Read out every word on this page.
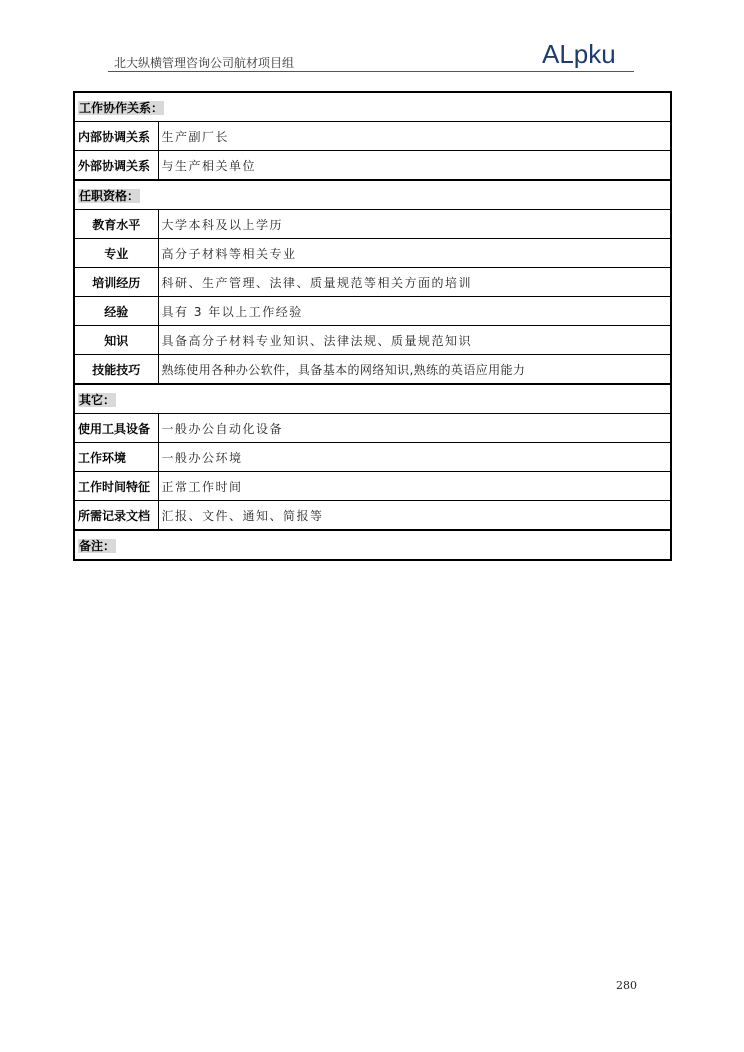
北大纵横管理咨询公司航材项目组	ALpku
工作协作关系：	
内部协调关系	生产副厂长
外部协调关系	与生产相关单位
任职资格：	
教育水平	大学本科及以上学历
专业	高分子材料等相关专业
培训经历	科研、生产管理、法律、质量规范等相关方面的培训
经验	具有 3 年以上工作经验
知识	具备高分子材料专业知识、法律法规、质量规范知识
技能技巧	熟练使用各种办公软件，具备基本的网络知识,熟练的英语应用能力
其它：	
使用工具设备	一般办公自动化设备
工作环境	一般办公环境
工作时间特征	正常工作时间
所需记录文档	汇报、文件、通知、简报等
备注：	
280
